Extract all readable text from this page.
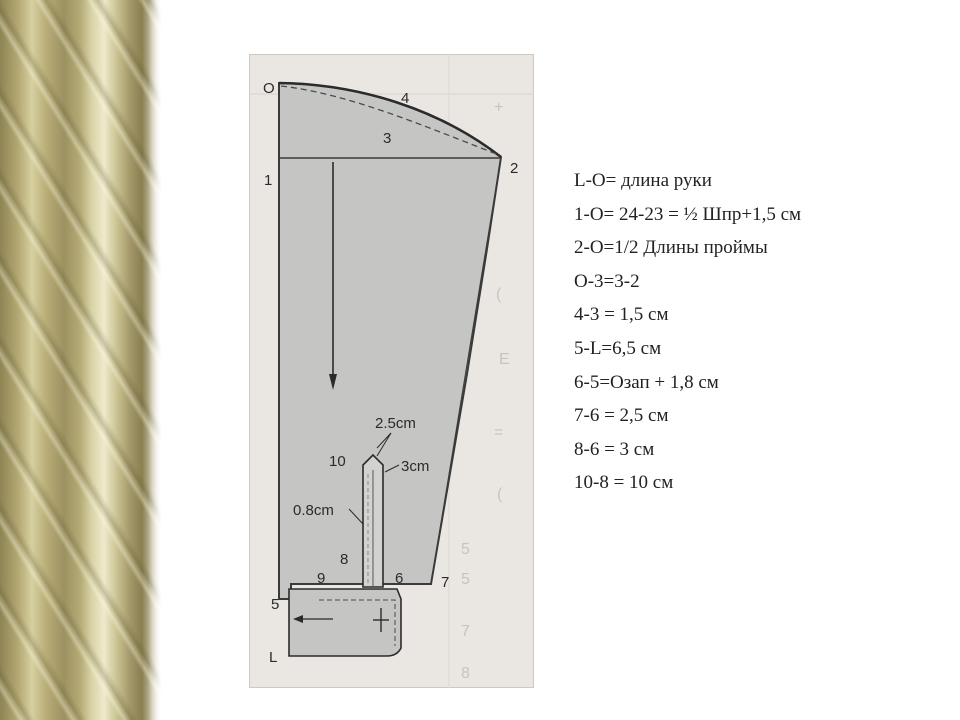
+
(
E
=
(
5
5
7
8
O
1
2
3
4
5
6	7
8
9
10
L
2.5cm
3cm
0.8cm
L-O= длина руки
1-O= 24-23 = ½ Шпр+1,5 см
2-O=1/2 Длины проймы
O-3=3-2
4-3 = 1,5 см
5-L=6,5 см
6-5=Озап + 1,8 см
7-6 = 2,5 см
8-6 = 3 см
10-8 = 10 см
